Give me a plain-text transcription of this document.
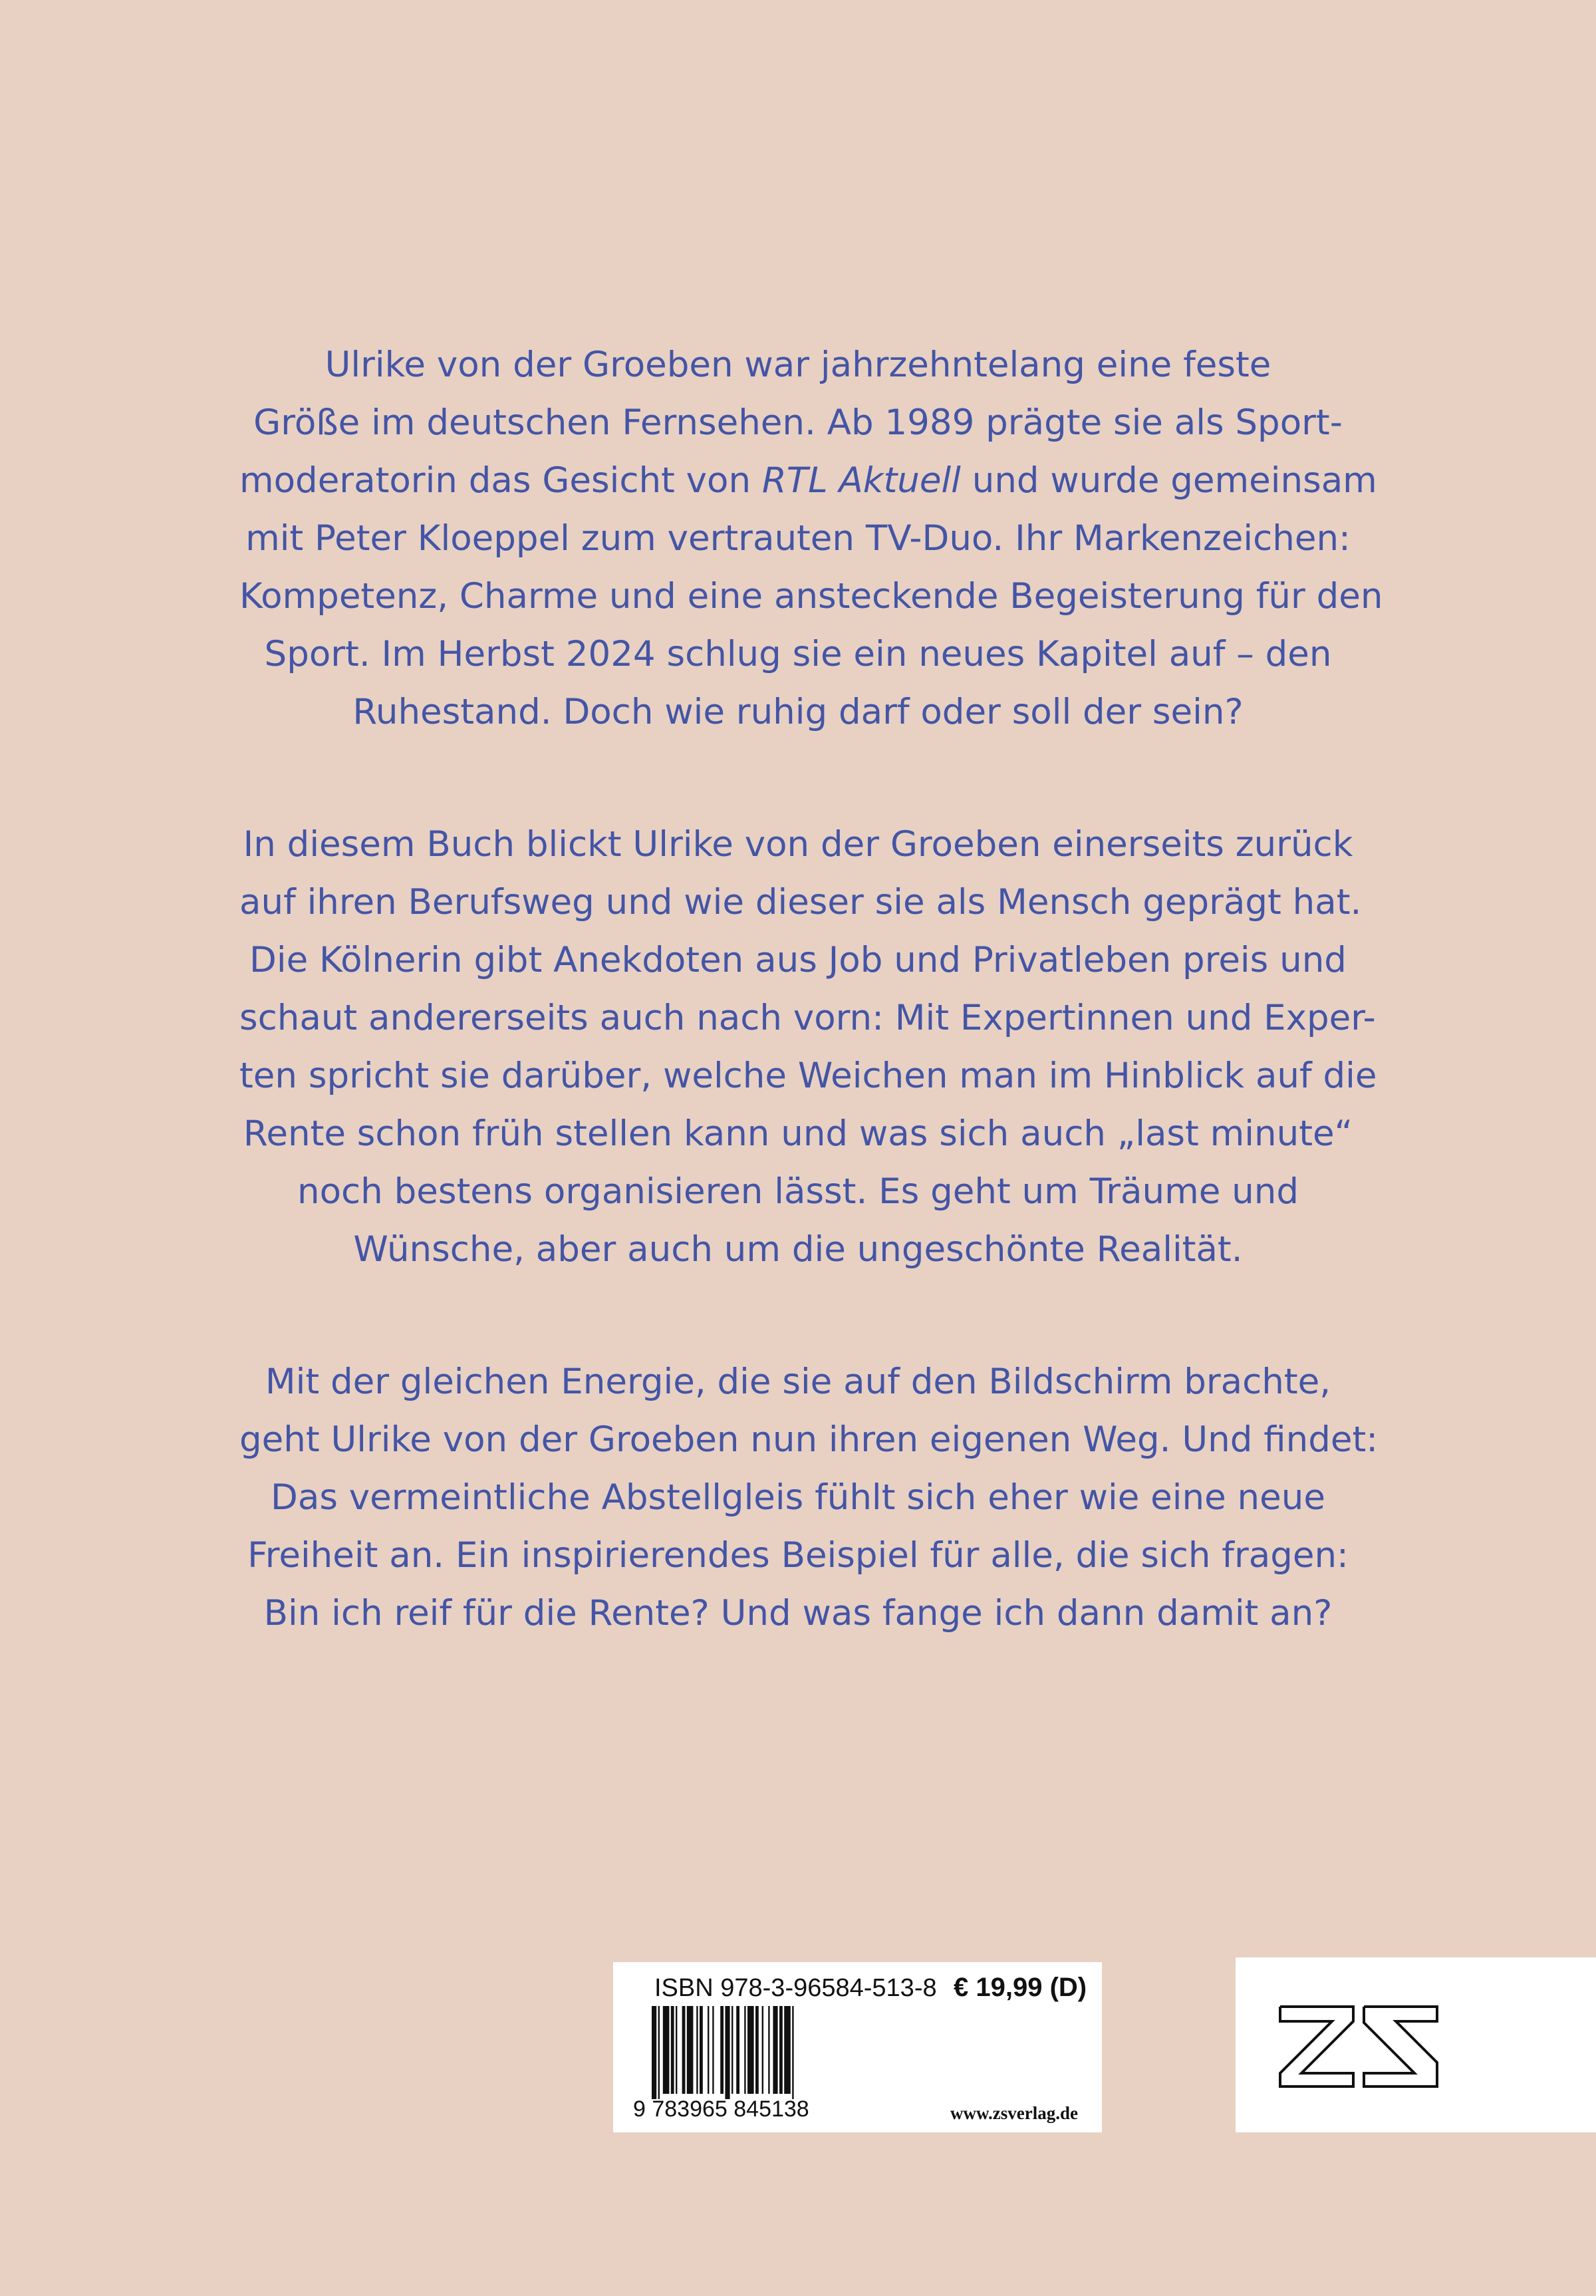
Ulrike von der Groeben war jahrzehntelang eine feste
Größe im deutschen Fernsehen. Ab 1989 prägte sie als Sport-
moderatorin das Gesicht von RTL Aktuell und wurde gemeinsam
mit Peter Kloeppel zum vertrauten TV-Duo. Ihr Markenzeichen:
Kompetenz, Charme und eine ansteckende Begeisterung für den
Sport. Im Herbst 2024 schlug sie ein neues Kapitel auf – den
Ruhestand. Doch wie ruhig darf oder soll der sein?

In diesem Buch blickt Ulrike von der Groeben einerseits zurück
auf ihren Berufsweg und wie dieser sie als Mensch geprägt hat.
Die Kölnerin gibt Anekdoten aus Job und Privatleben preis und
schaut andererseits auch nach vorn: Mit Expertinnen und Exper-
ten spricht sie darüber, welche Weichen man im Hinblick auf die
Rente schon früh stellen kann und was sich auch „last minute“
noch bestens organisieren lässt. Es geht um Träume und
Wünsche, aber auch um die ungeschönte Realität.

Mit der gleichen Energie, die sie auf den Bildschirm brachte,
geht Ulrike von der Groeben nun ihren eigenen Weg. Und findet:
Das vermeintliche Abstellgleis fühlt sich eher wie eine neue
Freiheit an. Ein inspirierendes Beispiel für alle, die sich fragen:
Bin ich reif für die Rente? Und was fange ich dann damit an?

ISBN 978-3-96584-513-8 € 19,99 (D)
9 783965 845138	www.zsverlag.de
